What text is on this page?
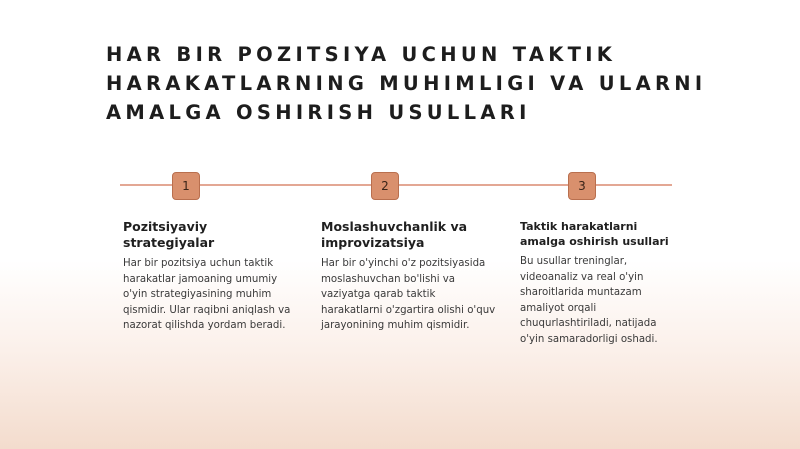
HAR BIR POZITSIYA UCHUN TAKTIK HARAKATLARNING MUHIMLIGI VA ULARNI AMALGA OSHIRISH USULLARI
1	2	3

Pozitsiyaviy strategiyalar

Har bir pozitsiya uchun taktik harakatlar jamoaning umumiy o'yin strategiyasining muhim qismidir. Ular raqibni aniqlash va nazorat qilishda yordam beradi.

Moslashuvchanlik va improvizatsiya

Har bir o'yinchi o'z pozitsiyasida moslashuvchan bo'lishi va vaziyatga qarab taktik harakatlarni o'zgartira olishi o'quv jarayonining muhim qismidir.

Taktik harakatlarni amalga oshirish usullari

Bu usullar treninglar, videoanaliz va real o'yin sharoitlarida muntazam amaliyot orqali chuqurlashtiriladi, natijada o'yin samaradorligi oshadi.
